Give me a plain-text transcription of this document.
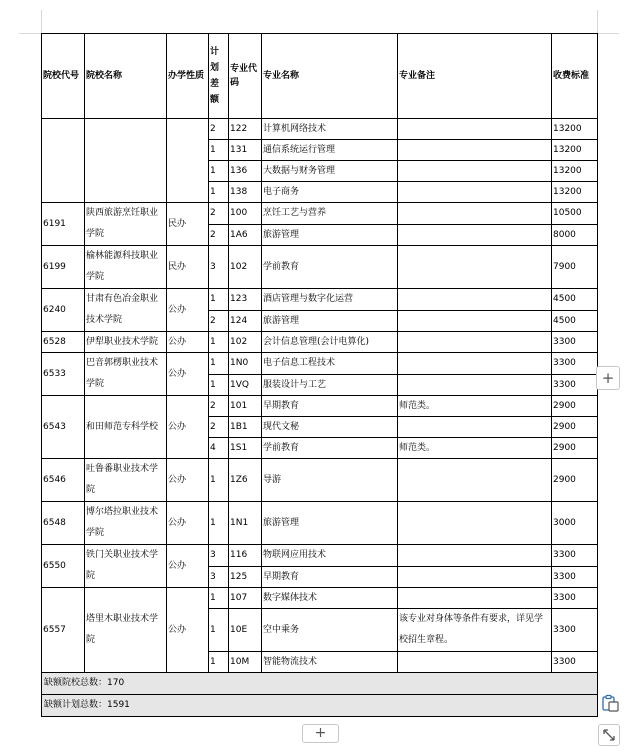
院校代号	院校名称	办学性质	计
划
差
额	专业代码	专业名称	专业备注	收费标准
			2	122	计算机网络技术		13200
			1	131	通信系统运行管理		13200
			1	136	大数据与财务管理		13200
			1	138	电子商务		13200
6191	陕西旅游烹饪职业学院	民办	2	100	烹饪工艺与营养		10500
			2	1A6	旅游管理		8000
6199	榆林能源科技职业学院	民办	3	102	学前教育		7900
6240	甘肃有色冶金职业技术学院	公办	1	123	酒店管理与数字化运营		4500
			2	124	旅游管理		4500
6528	伊犁职业技术学院	公办	1	102	会计信息管理(会计电算化)		3300
6533	巴音郭楞职业技术学院	公办	1	1N0	电子信息工程技术		3300
			1	1VQ	服装设计与工艺		3300
6543	和田师范专科学校	公办	2	101	早期教育	师范类。	2900
			2	1B1	现代文秘		2900
			4	1S1	学前教育	师范类。	2900
6546	吐鲁番职业技术学院	公办	1	1Z6	导游		2900
6548	博尔塔拉职业技术学院	公办	1	1N1	旅游管理		3000
6550	铁门关职业技术学院	公办	3	116	物联网应用技术		3300
			3	125	早期教育		3300
6557	塔里木职业技术学院	公办	1	107	数字媒体技术		3300
			1	10E	空中乘务	该专业对身体等条件有要求，详见学校招生章程。	3300
			1	10M	智能物流技术		3300
缺额院校总数：170							
缺额计划总数：1591							
+
+
